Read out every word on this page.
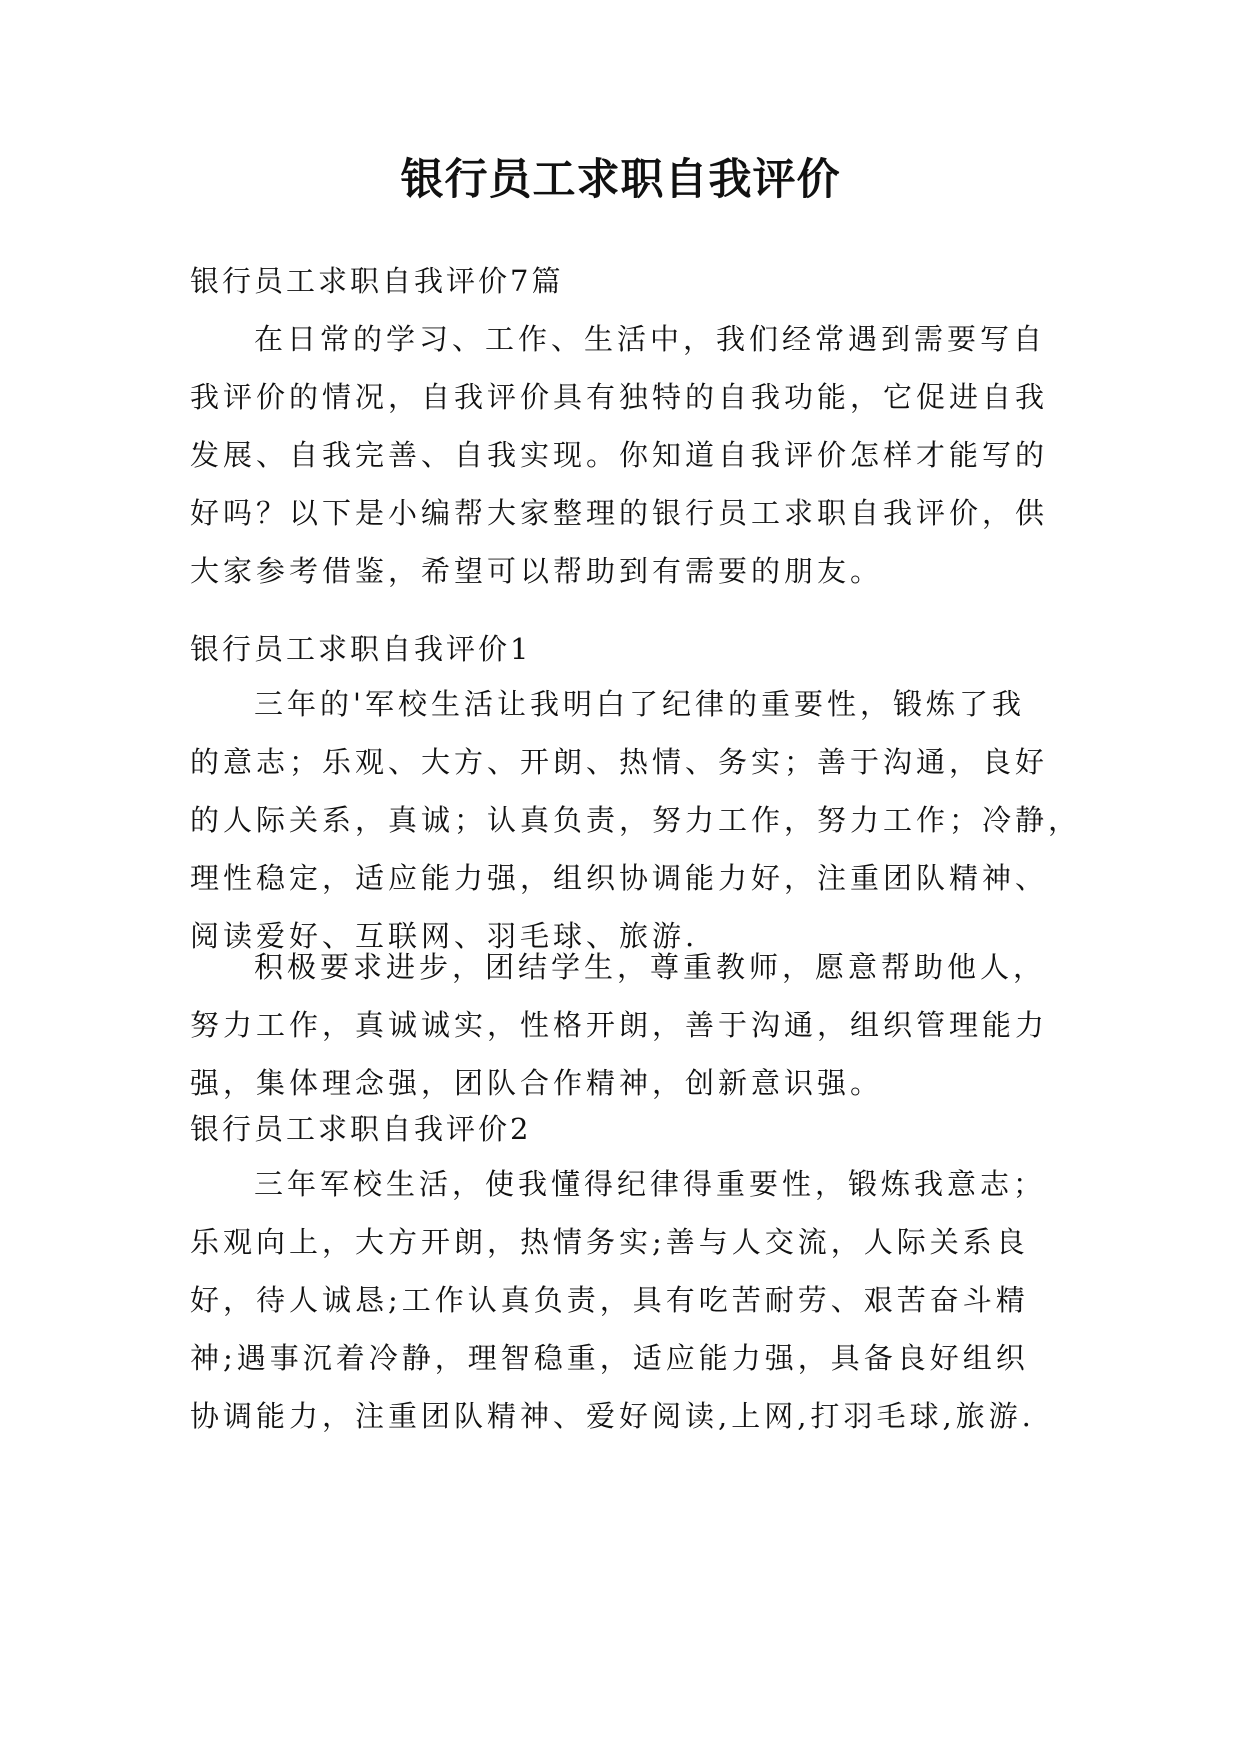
银行员工求职自我评价
银行员工求职自我评价7篇
在日常的学习、工作、生活中，我们经常遇到需要写自
我评价的情况，自我评价具有独特的自我功能，它促进自我
发展、自我完善、自我实现。你知道自我评价怎样才能写的
好吗？以下是小编帮大家整理的银行员工求职自我评价，供
大家参考借鉴，希望可以帮助到有需要的朋友。
银行员工求职自我评价1
三年的'军校生活让我明白了纪律的重要性，锻炼了我
的意志；乐观、大方、开朗、热情、务实；善于沟通，良好
的人际关系，真诚；认真负责，努力工作，努力工作；冷静，
理性稳定，适应能力强，组织协调能力好，注重团队精神、
阅读爱好、互联网、羽毛球、旅游.
积极要求进步，团结学生，尊重教师，愿意帮助他人，
努力工作，真诚诚实，性格开朗，善于沟通，组织管理能力
强，集体理念强，团队合作精神，创新意识强。
银行员工求职自我评价2
三年军校生活，使我懂得纪律得重要性，锻炼我意志；
乐观向上，大方开朗，热情务实;善与人交流，人际关系良
好，待人诚恳;工作认真负责，具有吃苦耐劳、艰苦奋斗精
神;遇事沉着冷静，理智稳重，适应能力强，具备良好组织
协调能力，注重团队精神、爱好阅读,上网,打羽毛球,旅游.
